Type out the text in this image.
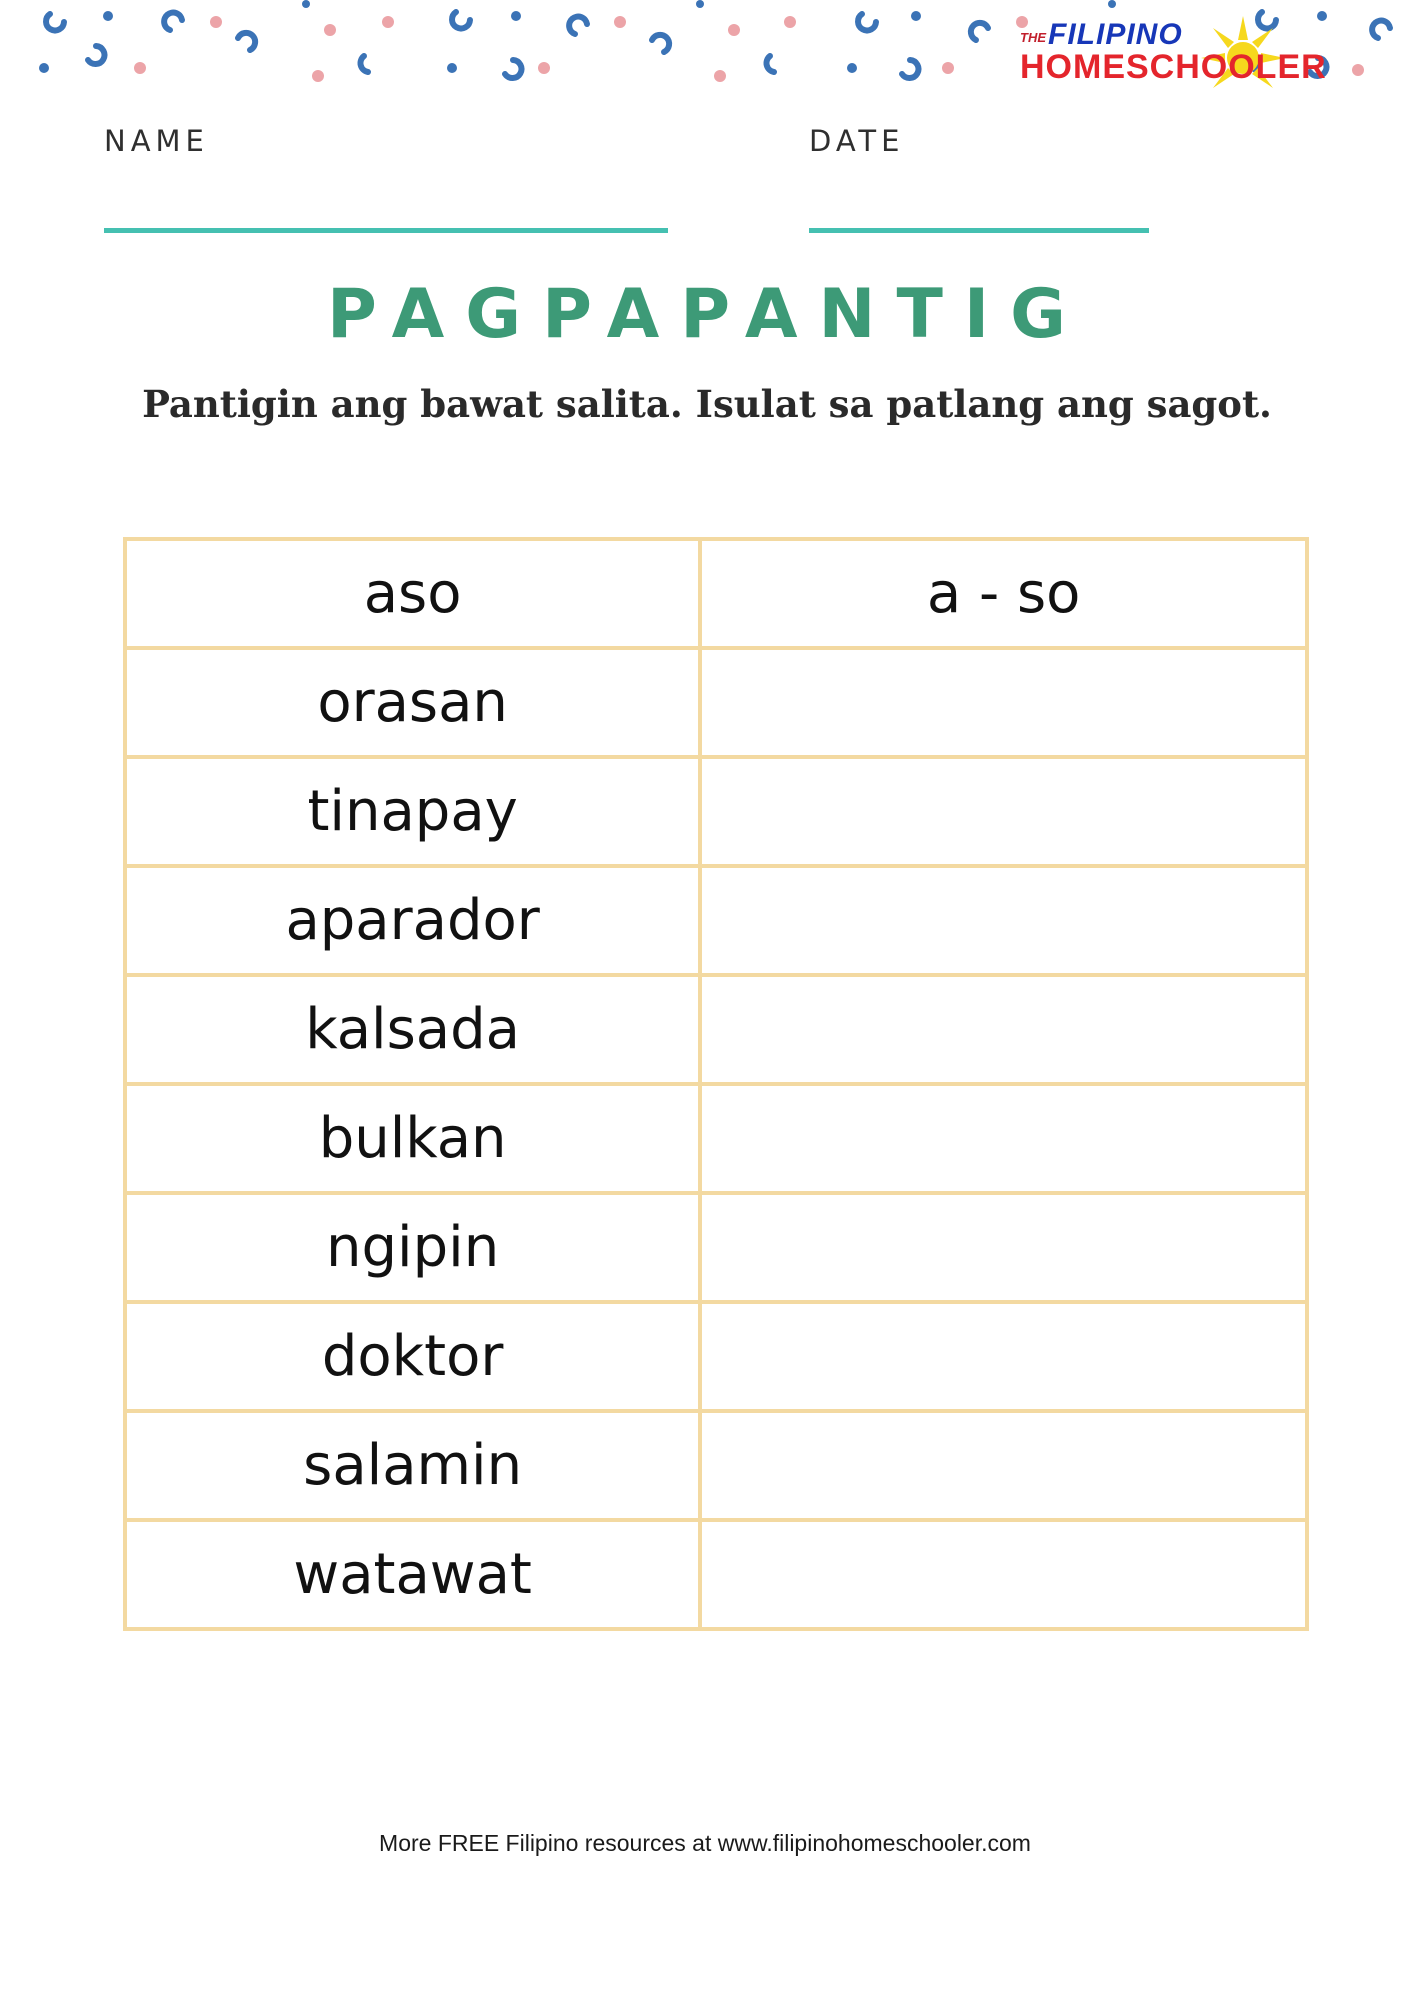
THE FILIPINO
HOMESCHOOLER
NAME	DATE
PAGPAPANTIG
Pantigin ang bawat salita. Isulat sa patlang ang sagot.
aso	a - so
orasan	
tinapay	
aparador	
kalsada	
bulkan	
ngipin	
doktor	
salamin	
watawat	
More FREE Filipino resources at www.filipinohomeschooler.com
